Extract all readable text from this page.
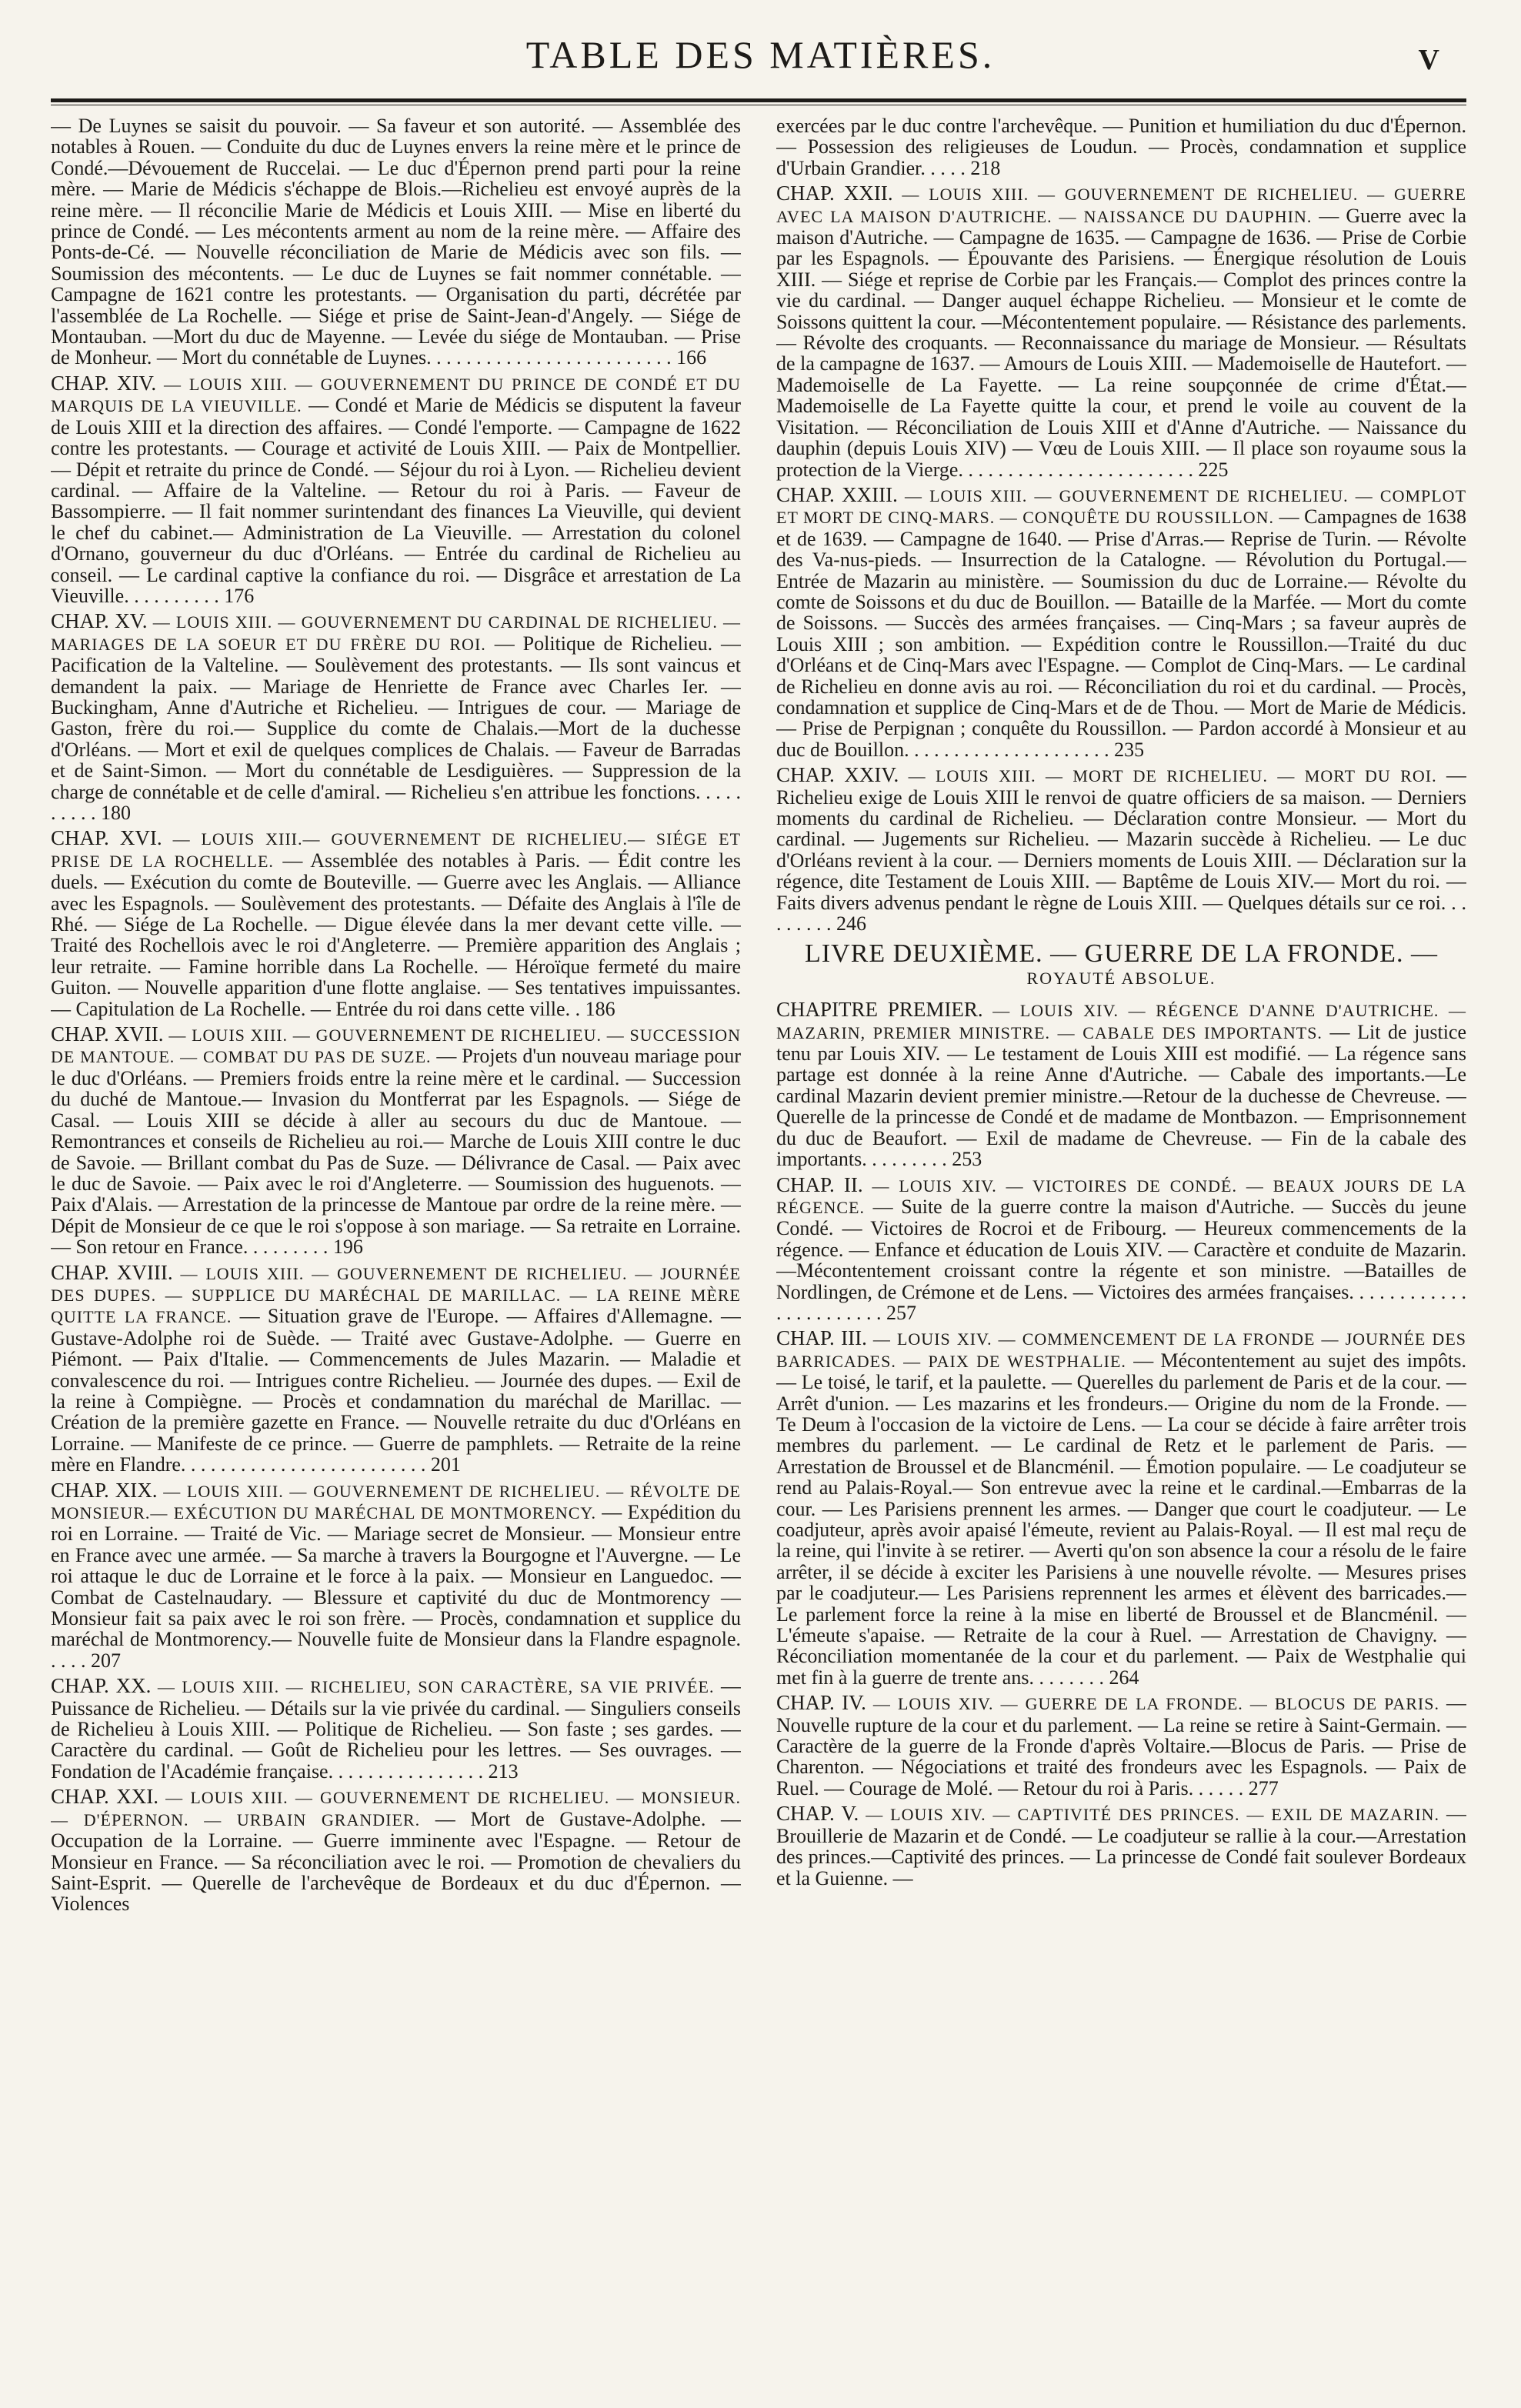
TABLE DES MATIÈRES.	V

— De Luynes se saisit du pouvoir. — Sa faveur et son autorité. — Assemblée des notables à Rouen. — Conduite du duc de Luynes envers la reine mère et le prince de Condé.—Dévouement de Ruccelai. — Le duc d'Épernon prend parti pour la reine mère. — Marie de Médicis s'échappe de Blois.—Richelieu est envoyé auprès de la reine mère. — Il réconcilie Marie de Médicis et Louis XIII. — Mise en liberté du prince de Condé. — Les mécontents arment au nom de la reine mère. — Affaire des Ponts-de-Cé. — Nouvelle réconciliation de Marie de Médicis avec son fils. —Soumission des mécontents. — Le duc de Luynes se fait nommer connétable. — Campagne de 1621 contre les protestants. — Organisation du parti, décrétée par l'assemblée de La Rochelle. — Siége et prise de Saint-Jean-d'Angely. — Siége de Montauban. —Mort du duc de Mayenne. — Levée du siége de Montauban. — Prise de Monheur. — Mort du connétable de Luynes. . . . . . . . . . . . . . . . . . . . . . . . . 166

CHAP. XIV. — LOUIS XIII. — GOUVERNEMENT DU PRINCE DE CONDÉ ET DU MARQUIS DE LA VIEUVILLE. — Condé et Marie de Médicis se disputent la faveur de Louis XIII et la direction des affaires. — Condé l'emporte. — Campagne de 1622 contre les protestants. — Courage et activité de Louis XIII. — Paix de Montpellier. — Dépit et retraite du prince de Condé. — Séjour du roi à Lyon. — Richelieu devient cardinal. — Affaire de la Valteline. — Retour du roi à Paris. — Faveur de Bassompierre. — Il fait nommer surintendant des finances La Vieuville, qui devient le chef du cabinet.— Administration de La Vieuville. — Arrestation du colonel d'Ornano, gouverneur du duc d'Orléans. — Entrée du cardinal de Richelieu au conseil. — Le cardinal captive la confiance du roi. — Disgrâce et arrestation de La Vieuville. . . . . . . . . . 176

CHAP. XV. — LOUIS XIII. — GOUVERNEMENT DU CARDINAL DE RICHELIEU. — MARIAGES DE LA SOEUR ET DU FRÈRE DU ROI. — Politique de Richelieu. — Pacification de la Valteline. — Soulèvement des protestants. — Ils sont vaincus et demandent la paix. — Mariage de Henriette de France avec Charles Ier. — Buckingham, Anne d'Autriche et Richelieu. — Intrigues de cour. — Mariage de Gaston, frère du roi.— Supplice du comte de Chalais.—Mort de la duchesse d'Orléans. — Mort et exil de quelques complices de Chalais. — Faveur de Barradas et de Saint-Simon. — Mort du connétable de Lesdiguières. — Suppression de la charge de connétable et de celle d'amiral. — Richelieu s'en attribue les fonctions. . . . . . . . . . 180

CHAP. XVI. — LOUIS XIII.— GOUVERNEMENT DE RICHELIEU.— SIÉGE ET PRISE DE LA ROCHELLE. — Assemblée des notables à Paris. — Édit contre les duels. — Exécution du comte de Bouteville. — Guerre avec les Anglais. — Alliance avec les Espagnols. — Soulèvement des protestants. — Défaite des Anglais à l'île de Rhé. — Siége de La Rochelle. — Digue élevée dans la mer devant cette ville. — Traité des Rochellois avec le roi d'Angleterre. — Première apparition des Anglais ; leur retraite. — Famine horrible dans La Rochelle. — Héroïque fermeté du maire Guiton. — Nouvelle apparition d'une flotte anglaise. — Ses tentatives impuissantes. — Capitulation de La Rochelle. — Entrée du roi dans cette ville. . 186

CHAP. XVII. — LOUIS XIII. — GOUVERNEMENT DE RICHELIEU. — SUCCESSION DE MANTOUE. — COMBAT DU PAS DE SUZE. — Projets d'un nouveau mariage pour le duc d'Orléans. — Premiers froids entre la reine mère et le cardinal. — Succession du duché de Mantoue.— Invasion du Montferrat par les Espagnols. — Siége de Casal. — Louis XIII se décide à aller au secours du duc de Mantoue. — Remontrances et conseils de Richelieu au roi.— Marche de Louis XIII contre le duc de Savoie. — Brillant combat du Pas de Suze. — Délivrance de Casal. — Paix avec le duc de Savoie. — Paix avec le roi d'Angleterre. — Soumission des huguenots. — Paix d'Alais. — Arrestation de la princesse de Mantoue par ordre de la reine mère. — Dépit de Monsieur de ce que le roi s'oppose à son mariage. — Sa retraite en Lorraine. — Son retour en France. . . . . . . . . 196

CHAP. XVIII. — LOUIS XIII. — GOUVERNEMENT DE RICHELIEU. — JOURNÉE DES DUPES. — SUPPLICE DU MARÉCHAL DE MARILLAC. — LA REINE MÈRE QUITTE LA FRANCE. — Situation grave de l'Europe. — Affaires d'Allemagne. — Gustave-Adolphe roi de Suède. — Traité avec Gustave-Adolphe. — Guerre en Piémont. — Paix d'Italie. — Commencements de Jules Mazarin. — Maladie et convalescence du roi. — Intrigues contre Richelieu. — Journée des dupes. — Exil de la reine à Compiègne. — Procès et condamnation du maréchal de Marillac. — Création de la première gazette en France. — Nouvelle retraite du duc d'Orléans en Lorraine. — Manifeste de ce prince. — Guerre de pamphlets. — Retraite de la reine mère en Flandre. . . . . . . . . . . . . . . . . . . . . . . . . 201

CHAP. XIX. — LOUIS XIII. — GOUVERNEMENT DE RICHELIEU. — RÉVOLTE DE MONSIEUR.— EXÉCUTION DU MARÉCHAL DE MONTMORENCY. — Expédition du roi en Lorraine. — Traité de Vic. — Mariage secret de Monsieur. — Monsieur entre en France avec une armée. — Sa marche à travers la Bourgogne et l'Auvergne. — Le roi attaque le duc de Lorraine et le force à la paix. — Monsieur en Languedoc. — Combat de Castelnaudary. — Blessure et captivité du duc de Montmorency — Monsieur fait sa paix avec le roi son frère. — Procès, condamnation et supplice du maréchal de Montmorency.— Nouvelle fuite de Monsieur dans la Flandre espagnole. . . . . 207

CHAP. XX. — LOUIS XIII. — RICHELIEU, SON CARACTÈRE, SA VIE PRIVÉE. — Puissance de Richelieu. — Détails sur la vie privée du cardinal. — Singuliers conseils de Richelieu à Louis XIII. — Politique de Richelieu. — Son faste ; ses gardes. — Caractère du cardinal. — Goût de Richelieu pour les lettres. — Ses ouvrages. — Fondation de l'Académie française. . . . . . . . . . . . . . . . 213

CHAP. XXI. — LOUIS XIII. — GOUVERNEMENT DE RICHELIEU. — MONSIEUR. — D'ÉPERNON. — URBAIN GRANDIER. — Mort de Gustave-Adolphe. — Occupation de la Lorraine. — Guerre imminente avec l'Espagne. — Retour de Monsieur en France. — Sa réconciliation avec le roi. — Promotion de chevaliers du Saint-Esprit. — Querelle de l'archevêque de Bordeaux et du duc d'Épernon. — Violences

exercées par le duc contre l'archevêque. — Punition et humiliation du duc d'Épernon. — Possession des religieuses de Loudun. — Procès, condamnation et supplice d'Urbain Grandier. . . . . 218

CHAP. XXII. — LOUIS XIII. — GOUVERNEMENT DE RICHELIEU. — GUERRE AVEC LA MAISON D'AUTRICHE. — NAISSANCE DU DAUPHIN. — Guerre avec la maison d'Autriche. — Campagne de 1635. — Campagne de 1636. — Prise de Corbie par les Espagnols. — Épouvante des Parisiens. — Énergique résolution de Louis XIII. — Siége et reprise de Corbie par les Français.— Complot des princes contre la vie du cardinal. — Danger auquel échappe Richelieu. — Monsieur et le comte de Soissons quittent la cour. —Mécontentement populaire. — Résistance des parlements. — Révolte des croquants. — Reconnaissance du mariage de Monsieur. — Résultats de la campagne de 1637. — Amours de Louis XIII. — Mademoiselle de Hautefort. — Mademoiselle de La Fayette. — La reine soupçonnée de crime d'État.— Mademoiselle de La Fayette quitte la cour, et prend le voile au couvent de la Visitation. — Réconciliation de Louis XIII et d'Anne d'Autriche. — Naissance du dauphin (depuis Louis XIV) — Vœu de Louis XIII. — Il place son royaume sous la protection de la Vierge. . . . . . . . . . . . . . . . . . . . . . . . 225

CHAP. XXIII. — LOUIS XIII. — GOUVERNEMENT DE RICHELIEU. — COMPLOT ET MORT DE CINQ-MARS. — CONQUÊTE DU ROUSSILLON. — Campagnes de 1638 et de 1639. — Campagne de 1640. — Prise d'Arras.— Reprise de Turin. — Révolte des Va-nus-pieds. — Insurrection de la Catalogne. — Révolution du Portugal.— Entrée de Mazarin au ministère. — Soumission du duc de Lorraine.— Révolte du comte de Soissons et du duc de Bouillon. — Bataille de la Marfée. — Mort du comte de Soissons. — Succès des armées françaises. — Cinq-Mars ; sa faveur auprès de Louis XIII ; son ambition. — Expédition contre le Roussillon.—Traité du duc d'Orléans et de Cinq-Mars avec l'Espagne. — Complot de Cinq-Mars. — Le cardinal de Richelieu en donne avis au roi. — Réconciliation du roi et du cardinal. — Procès, condamnation et supplice de Cinq-Mars et de de Thou. — Mort de Marie de Médicis. — Prise de Perpignan ; conquête du Roussillon. — Pardon accordé à Monsieur et au duc de Bouillon. . . . . . . . . . . . . . . . . . . . . 235

CHAP. XXIV. — LOUIS XIII. — MORT DE RICHELIEU. — MORT DU ROI. — Richelieu exige de Louis XIII le renvoi de quatre officiers de sa maison. — Derniers moments du cardinal de Richelieu. — Déclaration contre Monsieur. — Mort du cardinal. — Jugements sur Richelieu. — Mazarin succède à Richelieu. — Le duc d'Orléans revient à la cour. — Derniers moments de Louis XIII. — Déclaration sur la régence, dite Testament de Louis XIII. — Baptême de Louis XIV.— Mort du roi. — Faits divers advenus pendant le règne de Louis XIII. — Quelques détails sur ce roi. . . . . . . . . 246

LIVRE DEUXIÈME. — GUERRE DE LA FRONDE. —
ROYAUTÉ ABSOLUE.

CHAPITRE PREMIER. — LOUIS XIV. — RÉGENCE D'ANNE D'AUTRICHE. — MAZARIN, PREMIER MINISTRE. — CABALE DES IMPORTANTS. — Lit de justice tenu par Louis XIV. — Le testament de Louis XIII est modifié. — La régence sans partage est donnée à la reine Anne d'Autriche. — Cabale des importants.—Le cardinal Mazarin devient premier ministre.—Retour de la duchesse de Chevreuse. — Querelle de la princesse de Condé et de madame de Montbazon. — Emprisonnement du duc de Beaufort. — Exil de madame de Chevreuse. — Fin de la cabale des importants. . . . . . . . . 253

CHAP. II. — LOUIS XIV. — VICTOIRES DE CONDÉ. — BEAUX JOURS DE LA RÉGENCE. — Suite de la guerre contre la maison d'Autriche. — Succès du jeune Condé. — Victoires de Rocroi et de Fribourg. — Heureux commencements de la régence. — Enfance et éducation de Louis XIV. — Caractère et conduite de Mazarin. —Mécontentement croissant contre la régente et son ministre. —Batailles de Nordlingen, de Crémone et de Lens. — Victoires des armées françaises. . . . . . . . . . . . . . . . . . . . . . . 257

CHAP. III. — LOUIS XIV. — COMMENCEMENT DE LA FRONDE — JOURNÉE DES BARRICADES. — PAIX DE WESTPHALIE. — Mécontentement au sujet des impôts. — Le toisé, le tarif, et la paulette. — Querelles du parlement de Paris et de la cour. — Arrêt d'union. — Les mazarins et les frondeurs.— Origine du nom de la Fronde. — Te Deum à l'occasion de la victoire de Lens. — La cour se décide à faire arrêter trois membres du parlement. — Le cardinal de Retz et le parlement de Paris. — Arrestation de Broussel et de Blancménil. — Émotion populaire. — Le coadjuteur se rend au Palais-Royal.— Son entrevue avec la reine et le cardinal.—Embarras de la cour. — Les Parisiens prennent les armes. — Danger que court le coadjuteur. — Le coadjuteur, après avoir apaisé l'émeute, revient au Palais-Royal. — Il est mal reçu de la reine, qui l'invite à se retirer. — Averti qu'on son absence la cour a résolu de le faire arrêter, il se décide à exciter les Parisiens à une nouvelle révolte. — Mesures prises par le coadjuteur.— Les Parisiens reprennent les armes et élèvent des barricades.— Le parlement force la reine à la mise en liberté de Broussel et de Blancménil. — L'émeute s'apaise. — Retraite de la cour à Ruel. — Arrestation de Chavigny. — Réconciliation momentanée de la cour et du parlement. — Paix de Westphalie qui met fin à la guerre de trente ans. . . . . . . . 264

CHAP. IV. — LOUIS XIV. — GUERRE DE LA FRONDE. — BLOCUS DE PARIS. — Nouvelle rupture de la cour et du parlement. — La reine se retire à Saint-Germain. — Caractère de la guerre de la Fronde d'après Voltaire.—Blocus de Paris. — Prise de Charenton. — Négociations et traité des frondeurs avec les Espagnols. — Paix de Ruel. — Courage de Molé. — Retour du roi à Paris. . . . . . 277

CHAP. V. — LOUIS XIV. — CAPTIVITÉ DES PRINCES. — EXIL DE MAZARIN. — Brouillerie de Mazarin et de Condé. — Le coadjuteur se rallie à la cour.—Arrestation des princes.—Captivité des princes. — La princesse de Condé fait soulever Bordeaux et la Guienne. —
